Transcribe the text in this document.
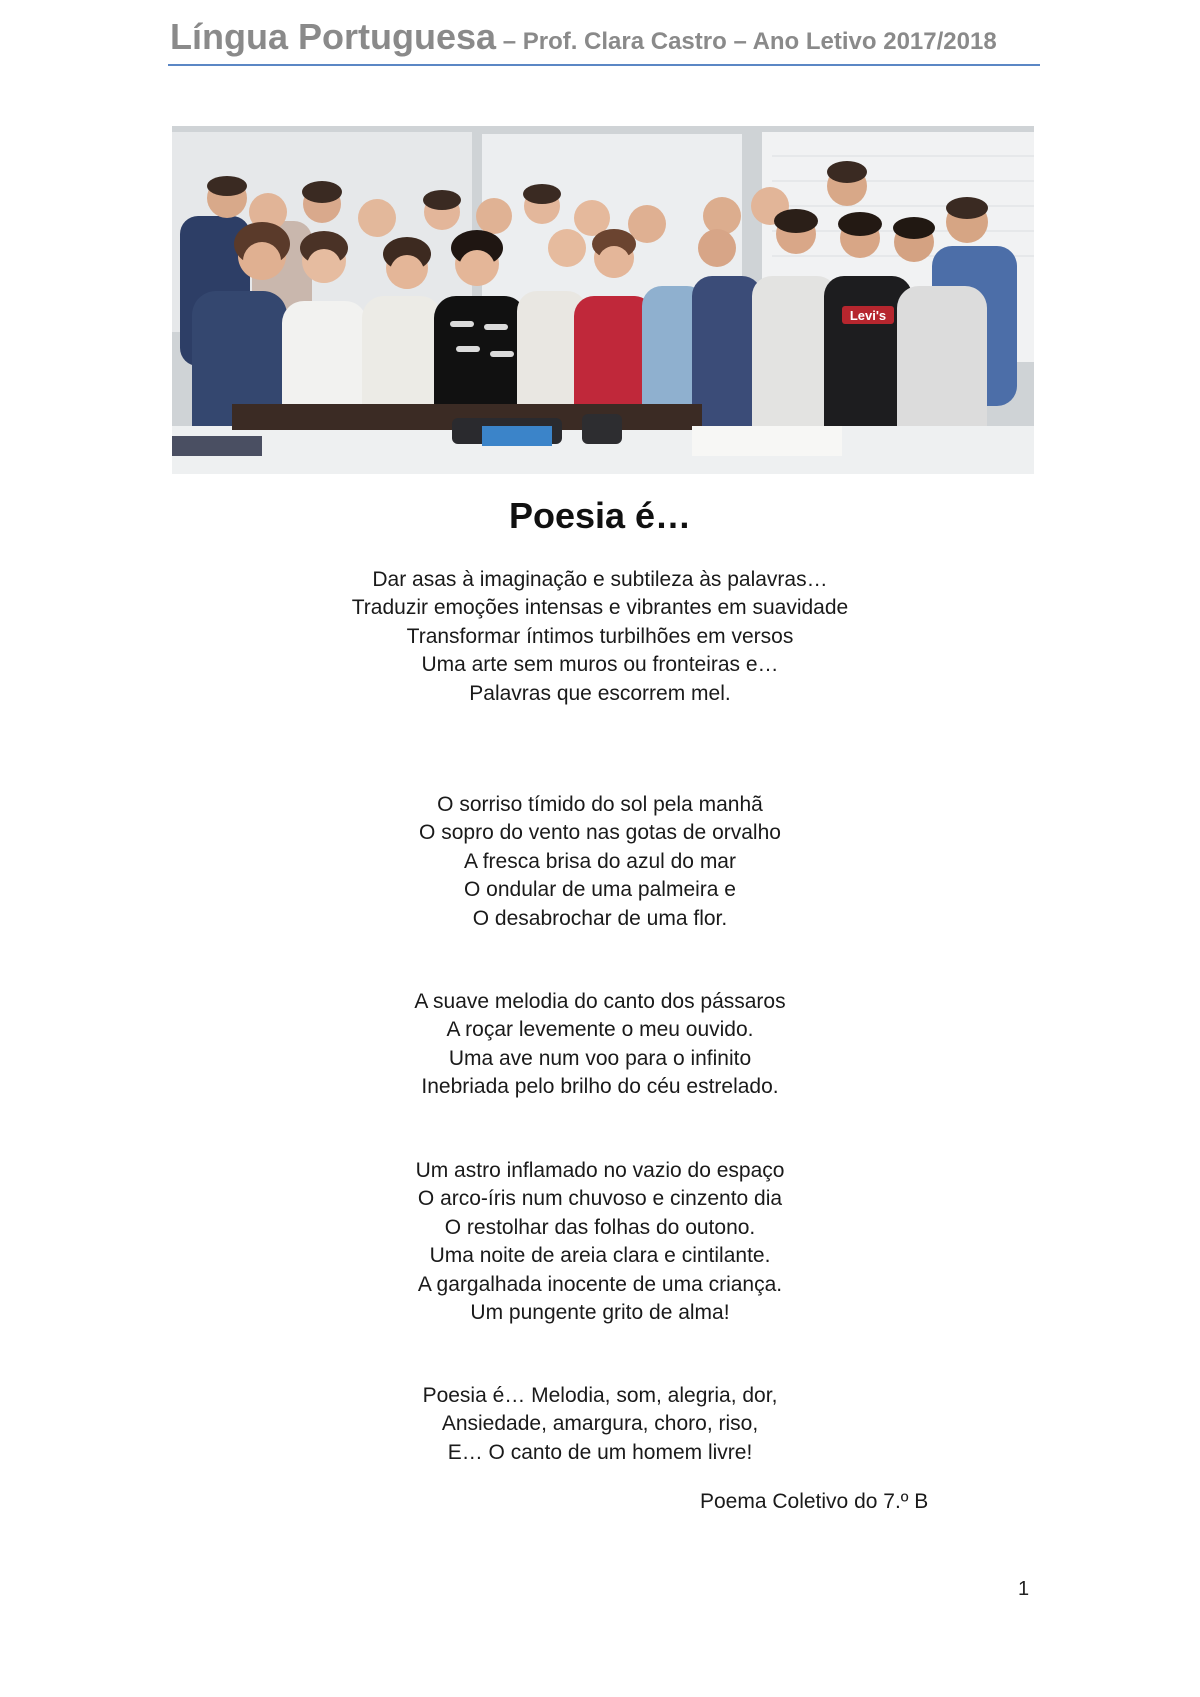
Língua Portuguesa – Prof. Clara Castro – Ano Letivo 2017/2018
Levi's
Poesia é…
Dar asas à imaginação e subtileza às palavras…
Traduzir emoções intensas e vibrantes em suavidade
Transformar íntimos turbilhões em versos
Uma arte sem muros ou fronteiras e…
Palavras que escorrem mel.
O sorriso tímido do sol pela manhã
O sopro do vento nas gotas de orvalho
A fresca brisa do azul do mar
O ondular de uma palmeira e
O desabrochar de uma flor.
A suave melodia do canto dos pássaros
A roçar levemente o meu ouvido.
Uma ave num voo para o infinito
Inebriada pelo brilho do céu estrelado.
Um astro inflamado no vazio do espaço
O arco-íris num chuvoso e cinzento dia
O restolhar das folhas do outono.
Uma noite de areia clara e cintilante.
A gargalhada inocente de uma criança.
Um pungente grito de alma!
Poesia é… Melodia, som, alegria, dor,
Ansiedade, amargura, choro, riso,
E… O canto de um homem livre!
Poema Coletivo do 7.º B
1
